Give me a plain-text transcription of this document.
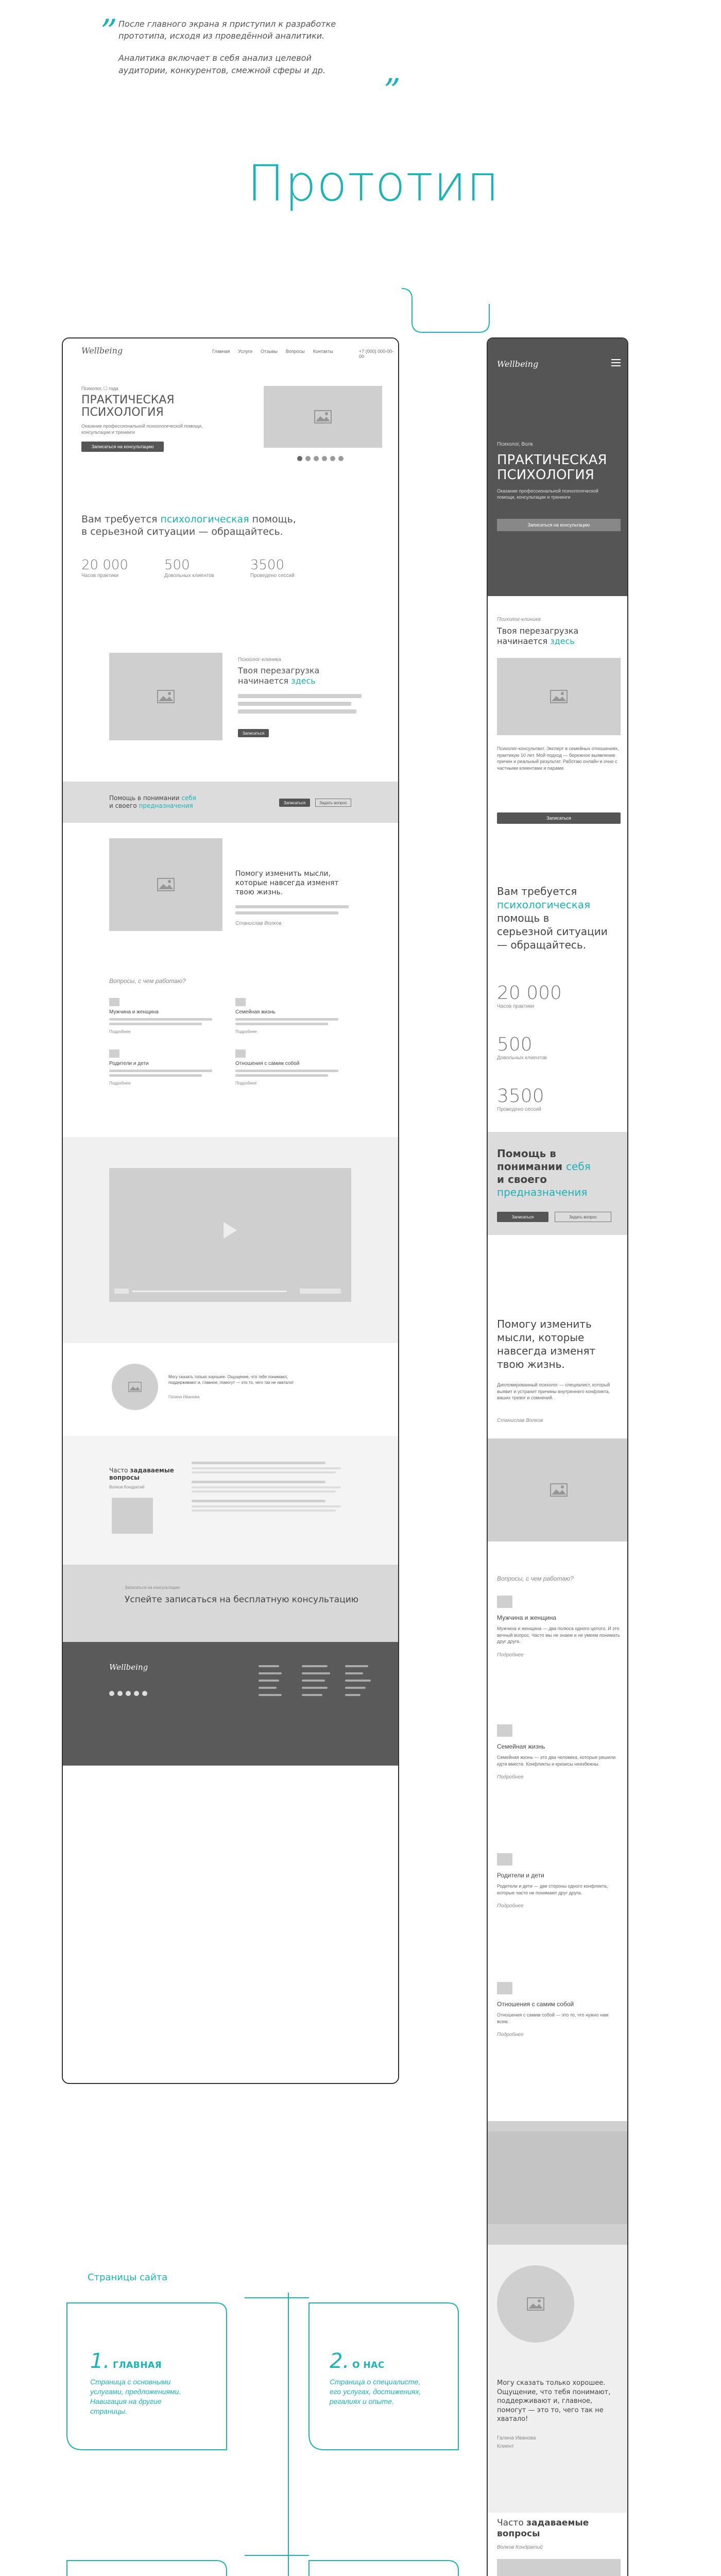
” После главного экрана я приступил к разработке
прототипа, исходя из проведённой аналитики.
Аналитика включает в себя анализ целевой
аудитории, конкурентов, смежной сферы и др.
”
Прототип
Wellbeing	Главная Услуги Отзывы Вопросы Контакты	+7 (000) 000-00-00
Психолог, ☐ года
ПРАКТИЧЕСКАЯ
ПСИХОЛОГИЯ
Оказание профессиональной психологической помощи, консультации и тренинги
Записаться на консультацию
Вам требуется психологическая помощь,
в серьезной ситуации — обращайтесь.
20 000
Часов практики
500
Довольных клиентов
3500
Проведено сессий
Психолог-клиника
Твоя перезагрузка
начинается здесь
Записаться
Помощь в понимании себя
и своего предназначения	Записаться	Задать вопрос
Помогу изменить мысли, которые навсегда изменят твою жизнь.
Станислав Волков
Вопросы, с чем работаю?
Мужчина и женщина
Подробнее
Семейная жизнь
Подробнее
Родители и дети
Подробнее
Отношения с самим собой
Подробнее
Могу сказать только хорошее. Ощущение, что тебя понимают, поддерживают и, главное, помогут — это то, чего так не хватало!
Галина Иванова
Часто задаваемые
вопросы
Волков Кондратий
Записаться на консультацию
Успейте записаться на бесплатную консультацию
Wellbeing
Wellbeing
Психолог, Волк
ПРАКТИЧЕСКАЯ
ПСИХОЛОГИЯ
Оказание профессиональной психологической помощи, консультации и тренинги
Записаться на консультацию
Психолог-клиника
Твоя перезагрузка
начинается здесь
Психолог-консультант. Эксперт в семейных отношениях, практикую 10 лет. Мой подход — бережное выявление причин и реальный результат. Работаю онлайн и очно с частными клиентами и парами.
Записаться
Вам требуется
психологическая
помощь в
серьезной ситуации
— обращайтесь.
20 000
Часов практики
500
Довольных клиентов
3500
Проведено сессий
Помощь в
понимании себя
и своего
предназначения
Записаться	Задать вопрос
Помогу изменить мысли, которые навсегда изменят твою жизнь.
Дипломированный психолог — специалист, который выявит и устранит причины внутреннего конфликта, ваших тревог и сомнений.
Станислав Волков
Вопросы, с чем работаю?
Мужчина и женщина
Мужчина и женщина — два полюса одного целого. И это вечный вопрос. Часто мы не знаем и не умеем понимать друг друга.
Подробнее
Семейная жизнь
Семейная жизнь — это два человека, которые решили идти вместе. Конфликты и кризисы неизбежны.
Подробнее
Родители и дети
Родители и дети — две стороны одного конфликта, которые часто не понимают друг друга.
Подробнее
Отношения с самим собой
Отношения с самим собой — это то, что нужно нам всем.
Подробнее
Могу сказать только хорошее. Ощущение, что тебя понимают, поддерживают и, главное, помогут — это то, чего так не хватало!
Галина Иванова
Клиент
Часто задаваемые
вопросы
Волков Кондратий
Страницы сайта
1. ГЛАВНАЯ
Страница с основными услугами, предложениями. Навигация на другие страницы.
2. О НАС
Страница о специалисте, его услугах, достижениях, регалиях и опыте.
